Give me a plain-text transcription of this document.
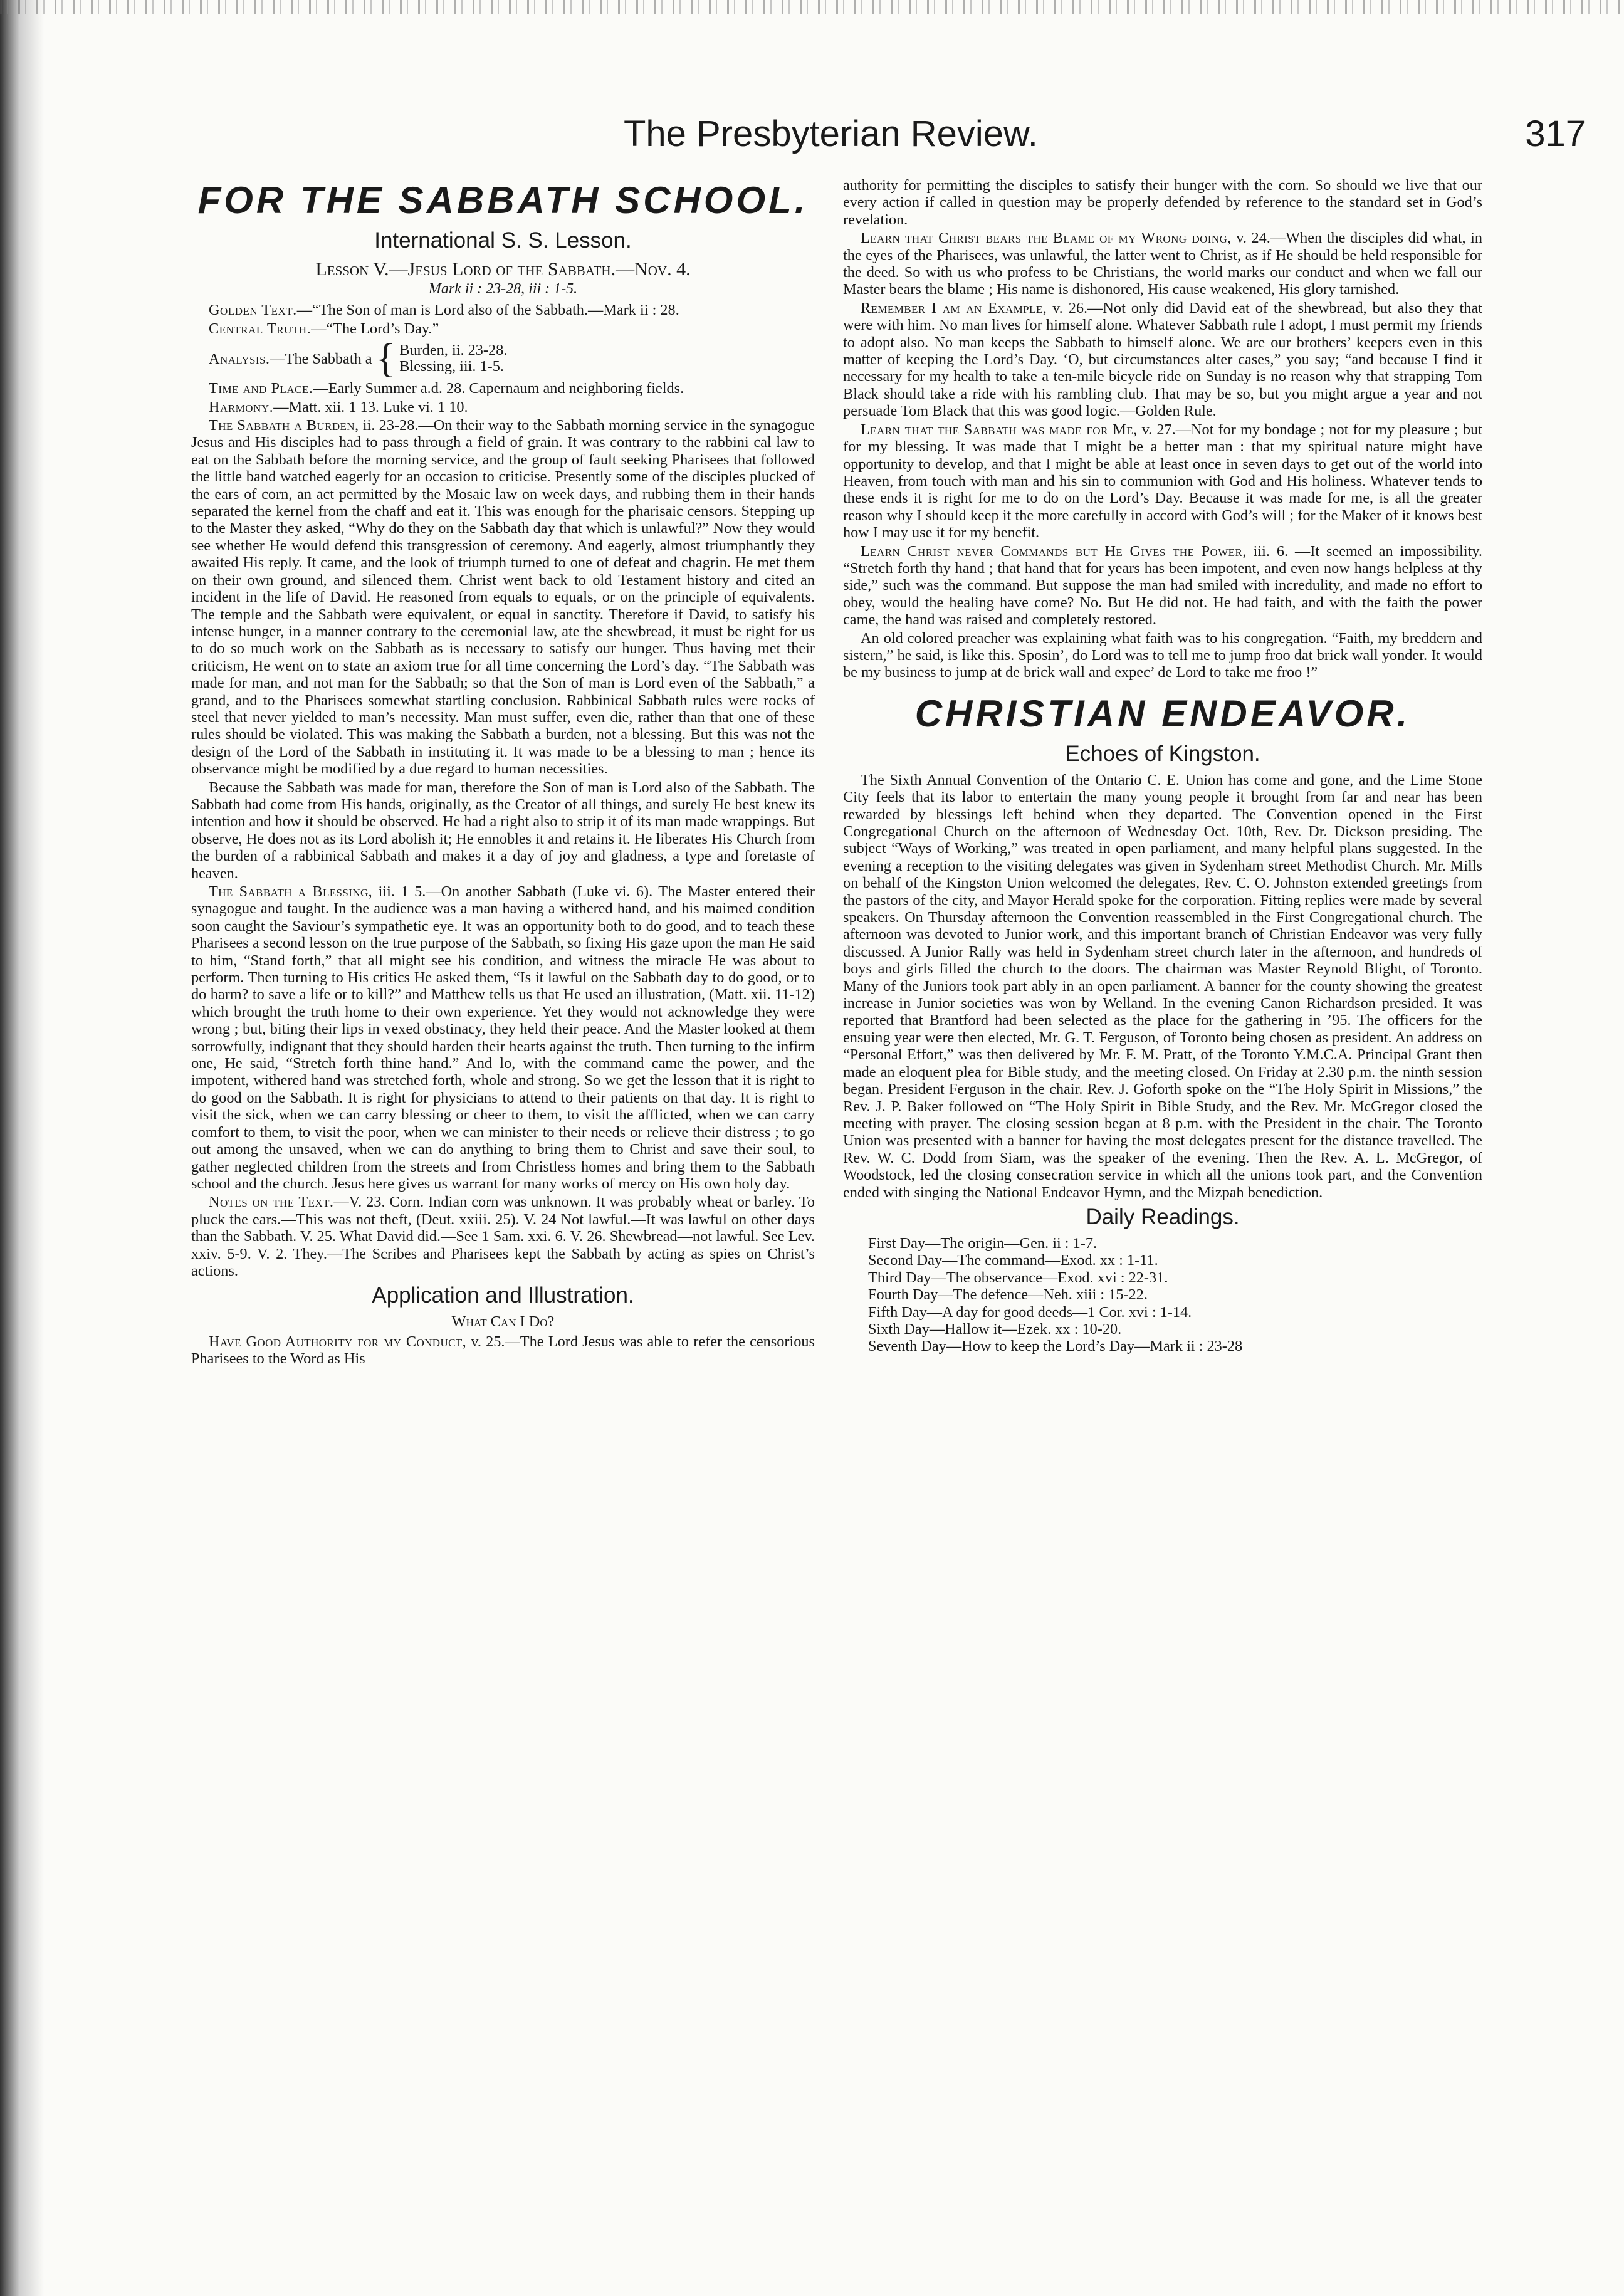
The Presbyterian Review.	317
FOR THE SABBATH SCHOOL.
International S. S. Lesson.
Lesson V.—Jesus Lord of the Sabbath.—Nov. 4.
Mark ii : 23-28, iii : 1-5.

Golden Text.—“The Son of man is Lord also of the Sabbath.—Mark ii : 28.

Central Truth.—“The Lord’s Day.”

Analysis. —The Sabbath a { Burden, ii. 23-28.
Blessing, iii. 1-5.

Time and Place.—Early Summer a.d. 28. Capernaum and neighboring fields.

Harmony.—Matt. xii. 1 13. Luke vi. 1 10.

The Sabbath a Burden, ii. 23-28.—On their way to the Sabbath morning service in the synagogue Jesus and His disciples had to pass through a field of grain. It was contrary to the rabbini cal law to eat on the Sabbath before the morning service, and the group of fault seeking Pharisees that followed the little band watched eagerly for an occasion to criticise. Presently some of the disciples plucked of the ears of corn, an act permitted by the Mosaic law on week days, and rubbing them in their hands separated the kernel from the chaff and eat it. This was enough for the pharisaic censors. Stepping up to the Master they asked, “Why do they on the Sabbath day that which is unlawful?” Now they would see whether He would defend this transgression of ceremony. And eagerly, almost triumphantly they awaited His reply. It came, and the look of triumph turned to one of defeat and chagrin. He met them on their own ground, and silenced them. Christ went back to old Testament history and cited an incident in the life of David. He reasoned from equals to equals, or on the principle of equivalents. The temple and the Sabbath were equivalent, or equal in sanctity. Therefore if David, to satisfy his intense hunger, in a manner contrary to the ceremonial law, ate the shewbread, it must be right for us to do so much work on the Sabbath as is necessary to satisfy our hunger. Thus having met their criticism, He went on to state an axiom true for all time concerning the Lord’s day. “The Sabbath was made for man, and not man for the Sabbath; so that the Son of man is Lord even of the Sabbath,” a grand, and to the Pharisees somewhat startling conclusion. Rabbinical Sabbath rules were rocks of steel that never yielded to man’s necessity. Man must suffer, even die, rather than that one of these rules should be violated. This was making the Sabbath a burden, not a blessing. But this was not the design of the Lord of the Sabbath in instituting it. It was made to be a blessing to man ; hence its observance might be modified by a due regard to human necessities.

Because the Sabbath was made for man, therefore the Son of man is Lord also of the Sabbath. The Sabbath had come from His hands, originally, as the Creator of all things, and surely He best knew its intention and how it should be observed. He had a right also to strip it of its man made wrappings. But observe, He does not as its Lord abolish it; He ennobles it and retains it. He liberates His Church from the burden of a rabbinical Sabbath and makes it a day of joy and gladness, a type and foretaste of heaven.

The Sabbath a Blessing, iii. 1 5.—On another Sabbath (Luke vi. 6). The Master entered their synagogue and taught. In the audience was a man having a withered hand, and his maimed condition soon caught the Saviour’s sympathetic eye. It was an opportunity both to do good, and to teach these Pharisees a second lesson on the true purpose of the Sabbath, so fixing His gaze upon the man He said to him, “Stand forth,” that all might see his condition, and witness the miracle He was about to perform. Then turning to His critics He asked them, “Is it lawful on the Sabbath day to do good, or to do harm? to save a life or to kill?” and Matthew tells us that He used an illustration, (Matt. xii. 11-12) which brought the truth home to their own experience. Yet they would not acknowledge they were wrong ; but, biting their lips in vexed obstinacy, they held their peace. And the Master looked at them sorrowfully, indignant that they should harden their hearts against the truth. Then turning to the infirm one, He said, “Stretch forth thine hand.” And lo, with the command came the power, and the impotent, withered hand was stretched forth, whole and strong. So we get the lesson that it is right to do good on the Sabbath. It is right for physicians to attend to their patients on that day. It is right to visit the sick, when we can carry blessing or cheer to them, to visit the afflicted, when we can carry comfort to them, to visit the poor, when we can minister to their needs or relieve their distress ; to go out among the unsaved, when we can do anything to bring them to Christ and save their soul, to gather neglected children from the streets and from Christless homes and bring them to the Sabbath school and the church. Jesus here gives us warrant for many works of mercy on His own holy day.

Notes on the Text.—V. 23. Corn. Indian corn was unknown. It was probably wheat or barley. To pluck the ears.—This was not theft, (Deut. xxiii. 25). V. 24 Not lawful.—It was lawful on other days than the Sabbath. V. 25. What David did.—See 1 Sam. xxi. 6. V. 26. Shewbread—not lawful. See Lev. xxiv. 5-9. V. 2. They.—The Scribes and Pharisees kept the Sabbath by acting as spies on Christ’s actions.

Application and Illustration.
What Can I Do?

Have Good Authority for my Conduct, v. 25.—The Lord Jesus was able to refer the censorious Pharisees to the Word as His

authority for permitting the disciples to satisfy their hunger with the corn. So should we live that our every action if called in question may be properly defended by reference to the standard set in God’s revelation.

Learn that Christ bears the Blame of my Wrong doing, v. 24.—When the disciples did what, in the eyes of the Pharisees, was unlawful, the latter went to Christ, as if He should be held responsible for the deed. So with us who profess to be Christians, the world marks our conduct and when we fall our Master bears the blame ; His name is dishonored, His cause weakened, His glory tarnished.

Remember I am an Example, v. 26.—Not only did David eat of the shewbread, but also they that were with him. No man lives for himself alone. Whatever Sabbath rule I adopt, I must permit my friends to adopt also. No man keeps the Sabbath to himself alone. We are our brothers’ keepers even in this matter of keeping the Lord’s Day. ‘O, but circumstances alter cases,” you say; “and because I find it necessary for my health to take a ten-mile bicycle ride on Sunday is no reason why that strapping Tom Black should take a ride with his rambling club. That may be so, but you might argue a year and not persuade Tom Black that this was good logic.—Golden Rule.

Learn that the Sabbath was made for Me, v. 27.—Not for my bondage ; not for my pleasure ; but for my blessing. It was made that I might be a better man : that my spiritual nature might have opportunity to develop, and that I might be able at least once in seven days to get out of the world into Heaven, from touch with man and his sin to communion with God and His holiness. Whatever tends to these ends it is right for me to do on the Lord’s Day. Because it was made for me, is all the greater reason why I should keep it the more carefully in accord with God’s will ; for the Maker of it knows best how I may use it for my benefit.

Learn Christ never Commands but He Gives the Power, iii. 6. —It seemed an impossibility. “Stretch forth thy hand ; that hand that for years has been impotent, and even now hangs helpless at thy side,” such was the command. But suppose the man had smiled with incredulity, and made no effort to obey, would the healing have come? No. But He did not. He had faith, and with the faith the power came, the hand was raised and completely restored.

An old colored preacher was explaining what faith was to his congregation. “Faith, my breddern and sistern,” he said, is like this. Sposin’, do Lord was to tell me to jump froo dat brick wall yonder. It would be my business to jump at de brick wall and expec’ de Lord to take me froo !”

CHRISTIAN ENDEAVOR.
Echoes of Kingston.

The Sixth Annual Convention of the Ontario C. E. Union has come and gone, and the Lime Stone City feels that its labor to entertain the many young people it brought from far and near has been rewarded by blessings left behind when they departed. The Convention opened in the First Congregational Church on the afternoon of Wednesday Oct. 10th, Rev. Dr. Dickson presiding. The subject “Ways of Working,” was treated in open parliament, and many helpful plans suggested. In the evening a reception to the visiting delegates was given in Sydenham street Methodist Church. Mr. Mills on behalf of the Kingston Union welcomed the delegates, Rev. C. O. Johnston extended greetings from the pastors of the city, and Mayor Herald spoke for the corporation. Fitting replies were made by several speakers. On Thursday afternoon the Convention reassembled in the First Congregational church. The afternoon was devoted to Junior work, and this important branch of Christian Endeavor was very fully discussed. A Junior Rally was held in Sydenham street church later in the afternoon, and hundreds of boys and girls filled the church to the doors. The chairman was Master Reynold Blight, of Toronto. Many of the Juniors took part ably in an open parliament. A banner for the county showing the greatest increase in Junior societies was won by Welland. In the evening Canon Richardson presided. It was reported that Brantford had been selected as the place for the gathering in ’95. The officers for the ensuing year were then elected, Mr. G. T. Ferguson, of Toronto being chosen as president. An address on “Personal Effort,” was then delivered by Mr. F. M. Pratt, of the Toronto Y.M.C.A. Principal Grant then made an eloquent plea for Bible study, and the meeting closed. On Friday at 2.30 p.m. the ninth session began. President Ferguson in the chair. Rev. J. Goforth spoke on the “The Holy Spirit in Missions,” the Rev. J. P. Baker followed on “The Holy Spirit in Bible Study, and the Rev. Mr. McGregor closed the meeting with prayer. The closing session began at 8 p.m. with the President in the chair. The Toronto Union was presented with a banner for having the most delegates present for the distance travelled. The Rev. W. C. Dodd from Siam, was the speaker of the evening. Then the Rev. A. L. McGregor, of Woodstock, led the closing consecration service in which all the unions took part, and the Convention ended with singing the National Endeavor Hymn, and the Mizpah benediction.

Daily Readings.
First Day—The origin—Gen. ii : 1-7.
Second Day—The command—Exod. xx : 1-11.
Third Day—The observance—Exod. xvi : 22-31.
Fourth Day—The defence—Neh. xiii : 15-22.
Fifth Day—A day for good deeds—1 Cor. xvi : 1-14.
Sixth Day—Hallow it—Ezek. xx : 10-20.
Seventh Day—How to keep the Lord’s Day—Mark ii : 23-28
